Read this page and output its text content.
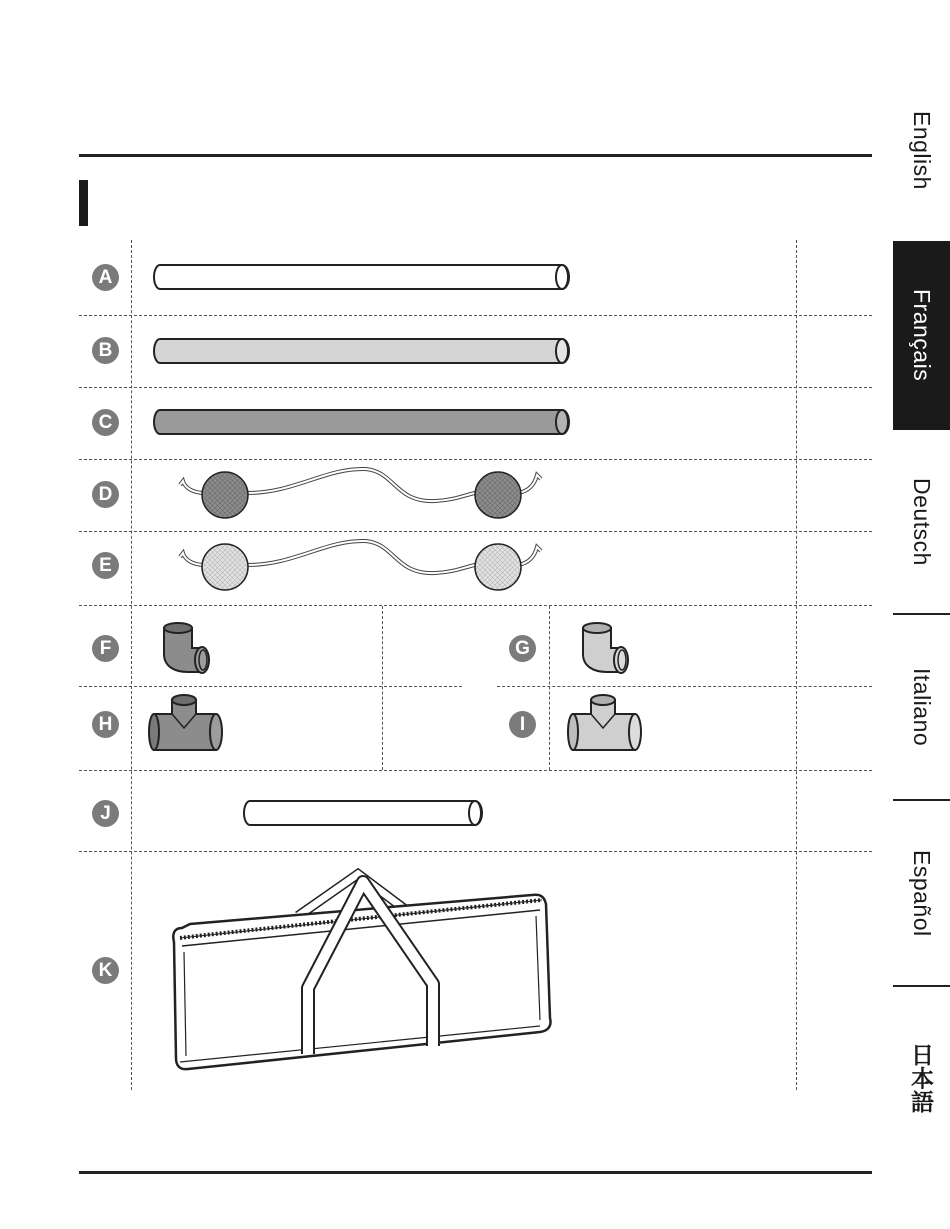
A
B
C
D
E
F	G
H	I
J
K
English
Français
Deutsch
Italiano
Español
日本語
